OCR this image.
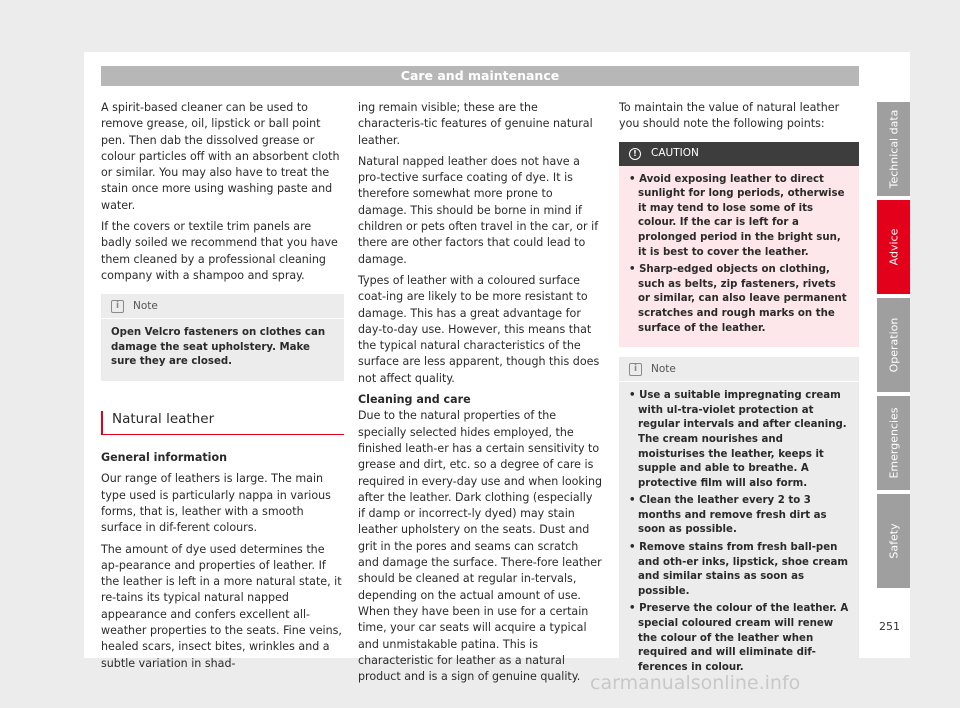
Care and maintenance

A spirit-based cleaner can be used to remove grease, oil, lipstick or ball point pen. Then dab the dissolved grease or colour particles off with an absorbent cloth or similar. You may also have to treat the stain once more using washing paste and water.

If the covers or textile trim panels are badly soiled we recommend that you have them cleaned by a professional cleaning company with a shampoo and spray.

i	Note

Open Velcro fasteners on clothes can damage the seat upholstery. Make sure they are closed.

Natural leather

General information

Our range of leathers is large. The main type used is particularly nappa in various forms, that is, leather with a smooth surface in dif-ferent colours.

The amount of dye used determines the ap-pearance and properties of leather. If the leather is left in a more natural state, it re-tains its typical natural napped appearance and confers excellent all-weather properties to the seats. Fine veins, healed scars, insect bites, wrinkles and a subtle variation in shad-

ing remain visible; these are the characteris-tic features of genuine natural leather.

Natural napped leather does not have a pro-tective surface coating of dye. It is therefore somewhat more prone to damage. This should be borne in mind if children or pets often travel in the car, or if there are other factors that could lead to damage.

Types of leather with a coloured surface coat-ing are likely to be more resistant to damage. This has a great advantage for day-to-day use. However, this means that the typical natural characteristics of the surface are less apparent, though this does not affect quality.

Cleaning and care

Due to the natural properties of the specially selected hides employed, the finished leath-er has a certain sensitivity to grease and dirt, etc. so a degree of care is required in every-day use and when looking after the leather. Dark clothing (especially if damp or incorrect-ly dyed) may stain leather upholstery on the seats. Dust and grit in the pores and seams can scratch and damage the surface. There-fore leather should be cleaned at regular in-tervals, depending on the actual amount of use. When they have been in use for a certain time, your car seats will acquire a typical and unmistakable patina. This is characteristic for leather as a natural product and is a sign of genuine quality.

To maintain the value of natural leather you should note the following points:

!	CAUTION

• Avoid exposing leather to direct sunlight for long periods, otherwise it may tend to lose some of its colour. If the car is left for a prolonged period in the bright sun, it is best to cover the leather.

• Sharp-edged objects on clothing, such as belts, zip fasteners, rivets or similar, can also leave permanent scratches and rough marks on the surface of the leather.

i	Note

• Use a suitable impregnating cream with ul-tra-violet protection at regular intervals and after cleaning. The cream nourishes and moisturises the leather, keeps it supple and able to breathe. A protective film will also form.

• Clean the leather every 2 to 3 months and remove fresh dirt as soon as possible.

• Remove stains from fresh ball-pen and oth-er inks, lipstick, shoe cream and similar stains as soon as possible.

• Preserve the colour of the leather. A special coloured cream will renew the colour of the leather when required and will eliminate dif-ferences in colour.

Technical data
Advice
Operation
Emergencies
Safety
251
carmanualsonline.info
